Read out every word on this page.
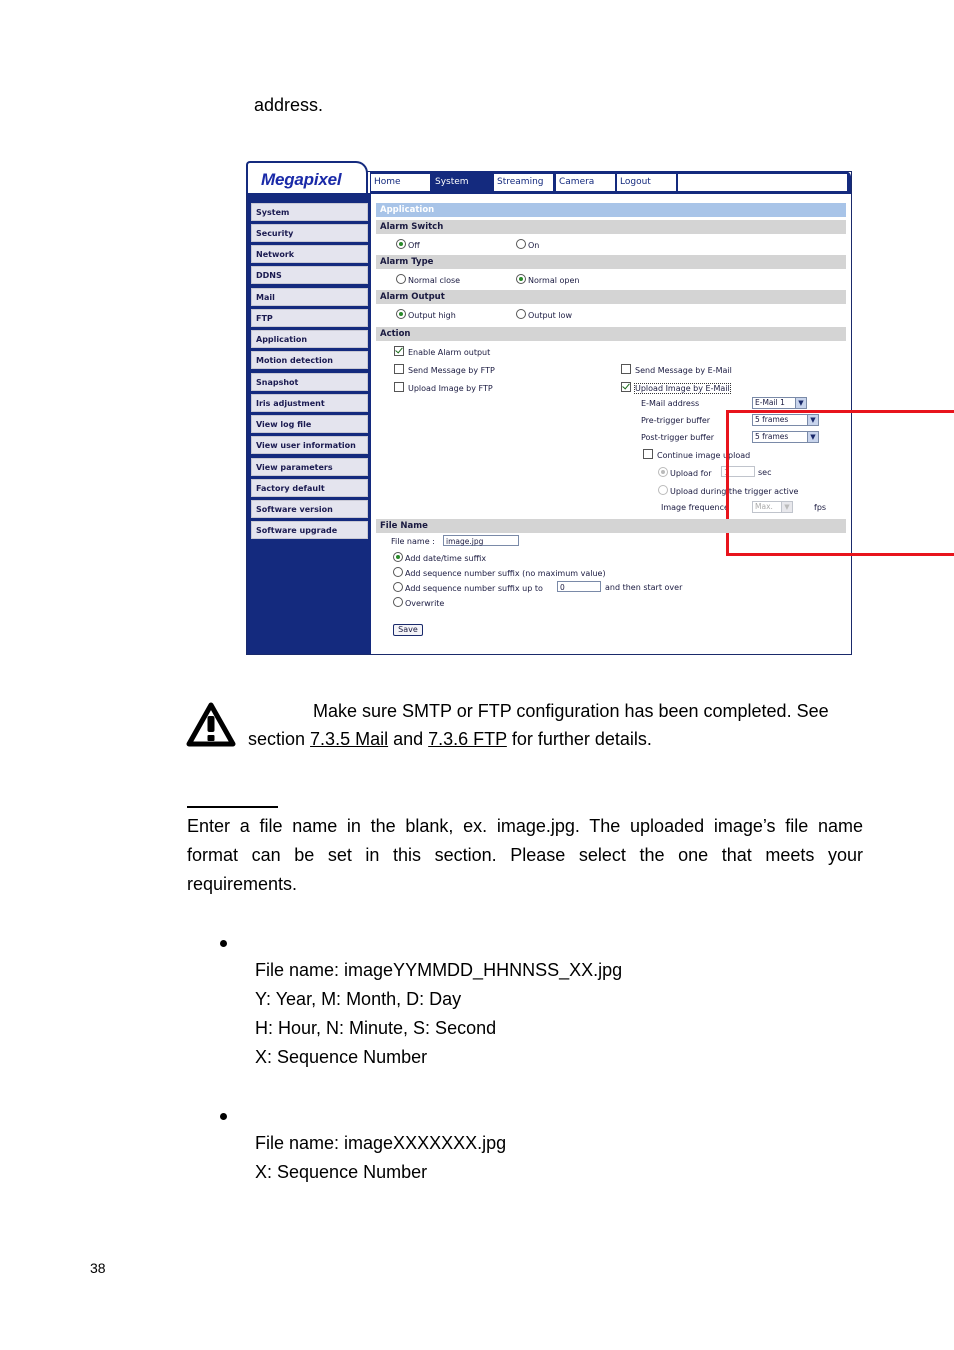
address.
Home	System	Streaming	Camera	Logout
Megapixel
System
Security
Network
DDNS
Mail
FTP
Application
Motion detection
Snapshot
Iris adjustment
View log file
View user information
View parameters
Factory default
Software version
Software upgrade
Application
Alarm Switch
Off	On
Alarm Type
Normal close	Normal open
Alarm Output
Output high	Output low
Action
Enable Alarm output
Send Message by FTP
Upload Image by FTP
Send Message by E-Mail
Upload Image by E-Mail
E-Mail address	E-Mail 1	▼
Pre-trigger buffer	5 frames	▼
Post-trigger buffer	5 frames	▼
Continue image upload
Upload for	1	sec
Upload during the trigger active
Image frequence	Max.	▼	fps
File Name
File name :	image.jpg
Add date/time suffix
Add sequence number suffix (no maximum value)
Add sequence number suffix up to	0	and then start over
Overwrite
Save
Make sure SMTP or FTP configuration has been completed. See
section 7.3.5 Mail and 7.3.6 FTP for further details.
Enter a file name in the blank, ex. image.jpg. The uploaded image’s file name
format can be set in this section. Please select the one that meets your
requirements.
File name: imageYYMMDD_HHNNSS_XX.jpg
Y: Year, M: Month, D: Day
H: Hour, N: Minute, S: Second
X: Sequence Number
File name: imageXXXXXXX.jpg
X: Sequence Number
38
